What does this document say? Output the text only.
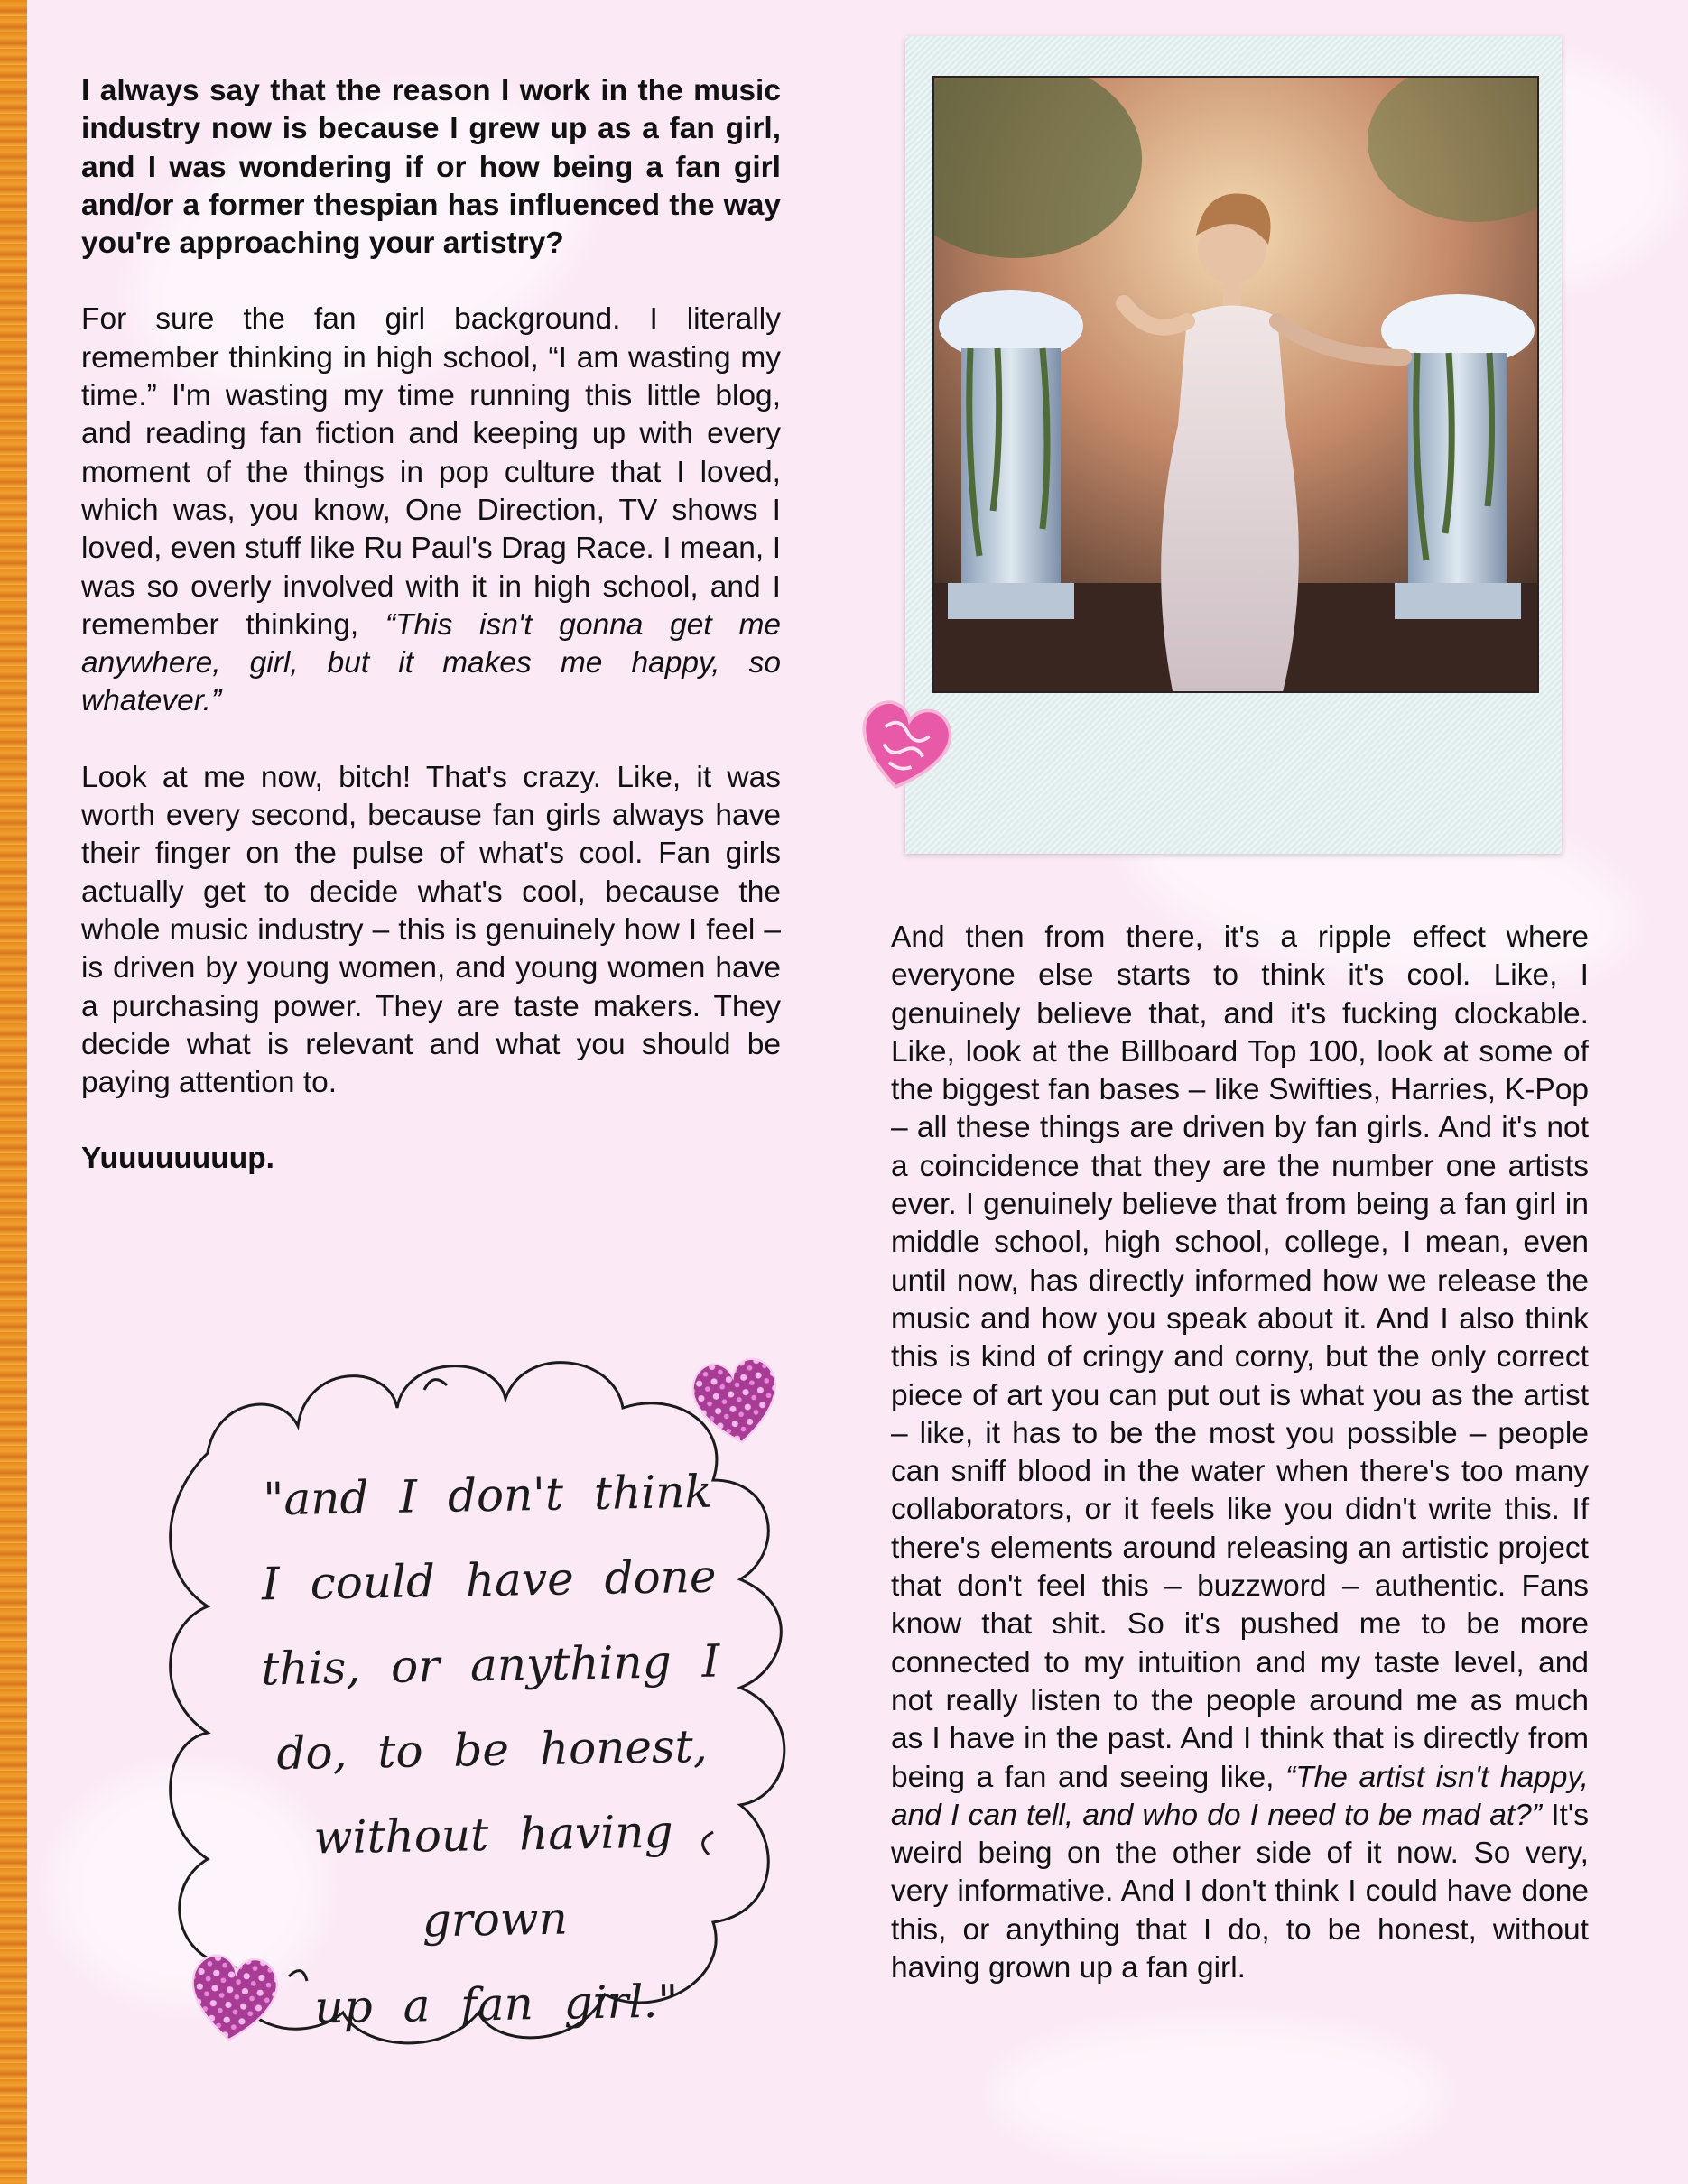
I always say that the reason I work in the music industry now is because I grew up as a fan girl, and I was wondering if or how being a fan girl and/or a former thespian has influenced the way you're approaching your artistry?

For sure the fan girl background. I literally remember thinking in high school, “I am wasting my time.” I'm wasting my time running this little blog, and reading fan fiction and keeping up with every moment of the things in pop culture that I loved, which was, you know, One Direction, TV shows I loved, even stuff like Ru Paul's Drag Race. I mean, I was so overly involved with it in high school, and I remember thinking, “This isn't gonna get me anywhere, girl, but it makes me happy, so whatever.”

Look at me now, bitch! That's crazy. Like, it was worth every second, because fan girls always have their finger on the pulse of what's cool. Fan girls actually get to decide what's cool, because the whole music industry – this is genuinely how I feel – is driven by young women, and young women have a purchasing power. They are taste makers. They decide what is relevant and what you should be paying attention to.

Yuuuuuuuup.

"and I don't think
I could have done
this, or anything I
do, to be honest,
without having grown
up a fan girl."

And then from there, it's a ripple effect where everyone else starts to think it's cool. Like, I genuinely believe that, and it's fucking clockable. Like, look at the Billboard Top 100, look at some of the biggest fan bases – like Swifties, Harries, K-Pop – all these things are driven by fan girls. And it's not a coincidence that they are the number one artists ever. I genuinely believe that from being a fan girl in middle school, high school, college, I mean, even until now, has directly informed how we release the music and how you speak about it. And I also think this is kind of cringy and corny, but the only correct piece of art you can put out is what you as the artist – like, it has to be the most you possible – people can sniff blood in the water when there's too many collaborators, or it feels like you didn't write this. If there's elements around releasing an artistic project that don't feel this – buzzword – authentic. Fans know that shit. So it's pushed me to be more connected to my intuition and my taste level, and not really listen to the people around me as much as I have in the past. And I think that is directly from being a fan and seeing like, “The artist isn't happy, and I can tell, and who do I need to be mad at?” It's weird being on the other side of it now. So very, very informative. And I don't think I could have done this, or anything that I do, to be honest, without having grown up a fan girl.
